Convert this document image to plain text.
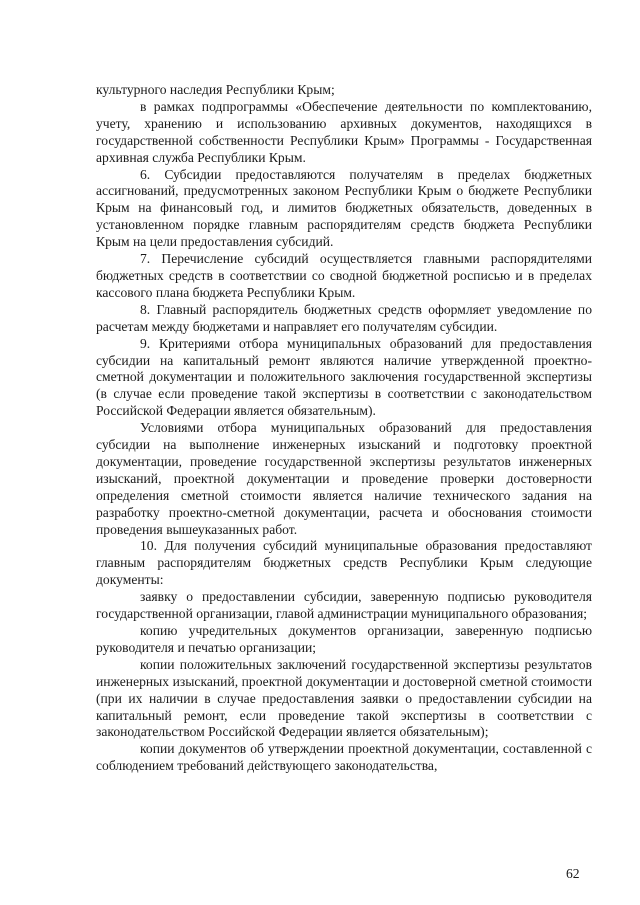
культурного наследия Республики Крым;

в рамках подпрограммы «Обеспечение деятельности по комплектованию, учету, хранению и использованию архивных документов, находящихся в государственной собственности Республики Крым» Программы - Государственная архивная служба Республики Крым.

6. Субсидии предоставляются получателям в пределах бюджетных ассигнований, предусмотренных законом Республики Крым о бюджете Республики Крым на финансовый год, и лимитов бюджетных обязательств, доведенных в установленном порядке главным распорядителям средств бюджета Республики Крым на цели предоставления субсидий.

7. Перечисление субсидий осуществляется главными распорядителями бюджетных средств в соответствии со сводной бюджетной росписью и в пределах кассового плана бюджета Республики Крым.

8. Главный распорядитель бюджетных средств оформляет уведомление по расчетам между бюджетами и направляет его получателям субсидии.

9. Критериями отбора муниципальных образований для предоставления субсидии на капитальный ремонт являются наличие утвержденной проектно-сметной документации и положительного заключения государственной экспертизы (в случае если проведение такой экспертизы в соответствии с законодательством Российской Федерации является обязательным).

Условиями отбора муниципальных образований для предоставления субсидии на выполнение инженерных изысканий и подготовку проектной документации, проведение государственной экспертизы результатов инженерных изысканий, проектной документации и проведение проверки достоверности определения сметной стоимости является наличие технического задания на разработку проектно-сметной документации, расчета и обоснования стоимости проведения вышеуказанных работ.

10. Для получения субсидий муниципальные образования предоставляют главным распорядителям бюджетных средств Республики Крым следующие документы:

заявку о предоставлении субсидии, заверенную подписью руководителя государственной организации, главой администрации муниципального образования;

копию учредительных документов организации, заверенную подписью руководителя и печатью организации;

копии положительных заключений государственной экспертизы результатов инженерных изысканий, проектной документации и достоверной сметной стоимости (при их наличии в случае предоставления заявки о предоставлении субсидии на капитальный ремонт, если проведение такой экспертизы в соответствии с законодательством Российской Федерации является обязательным);

копии документов об утверждении проектной документации, составленной с соблюдением требований действующего законодательства,

62
